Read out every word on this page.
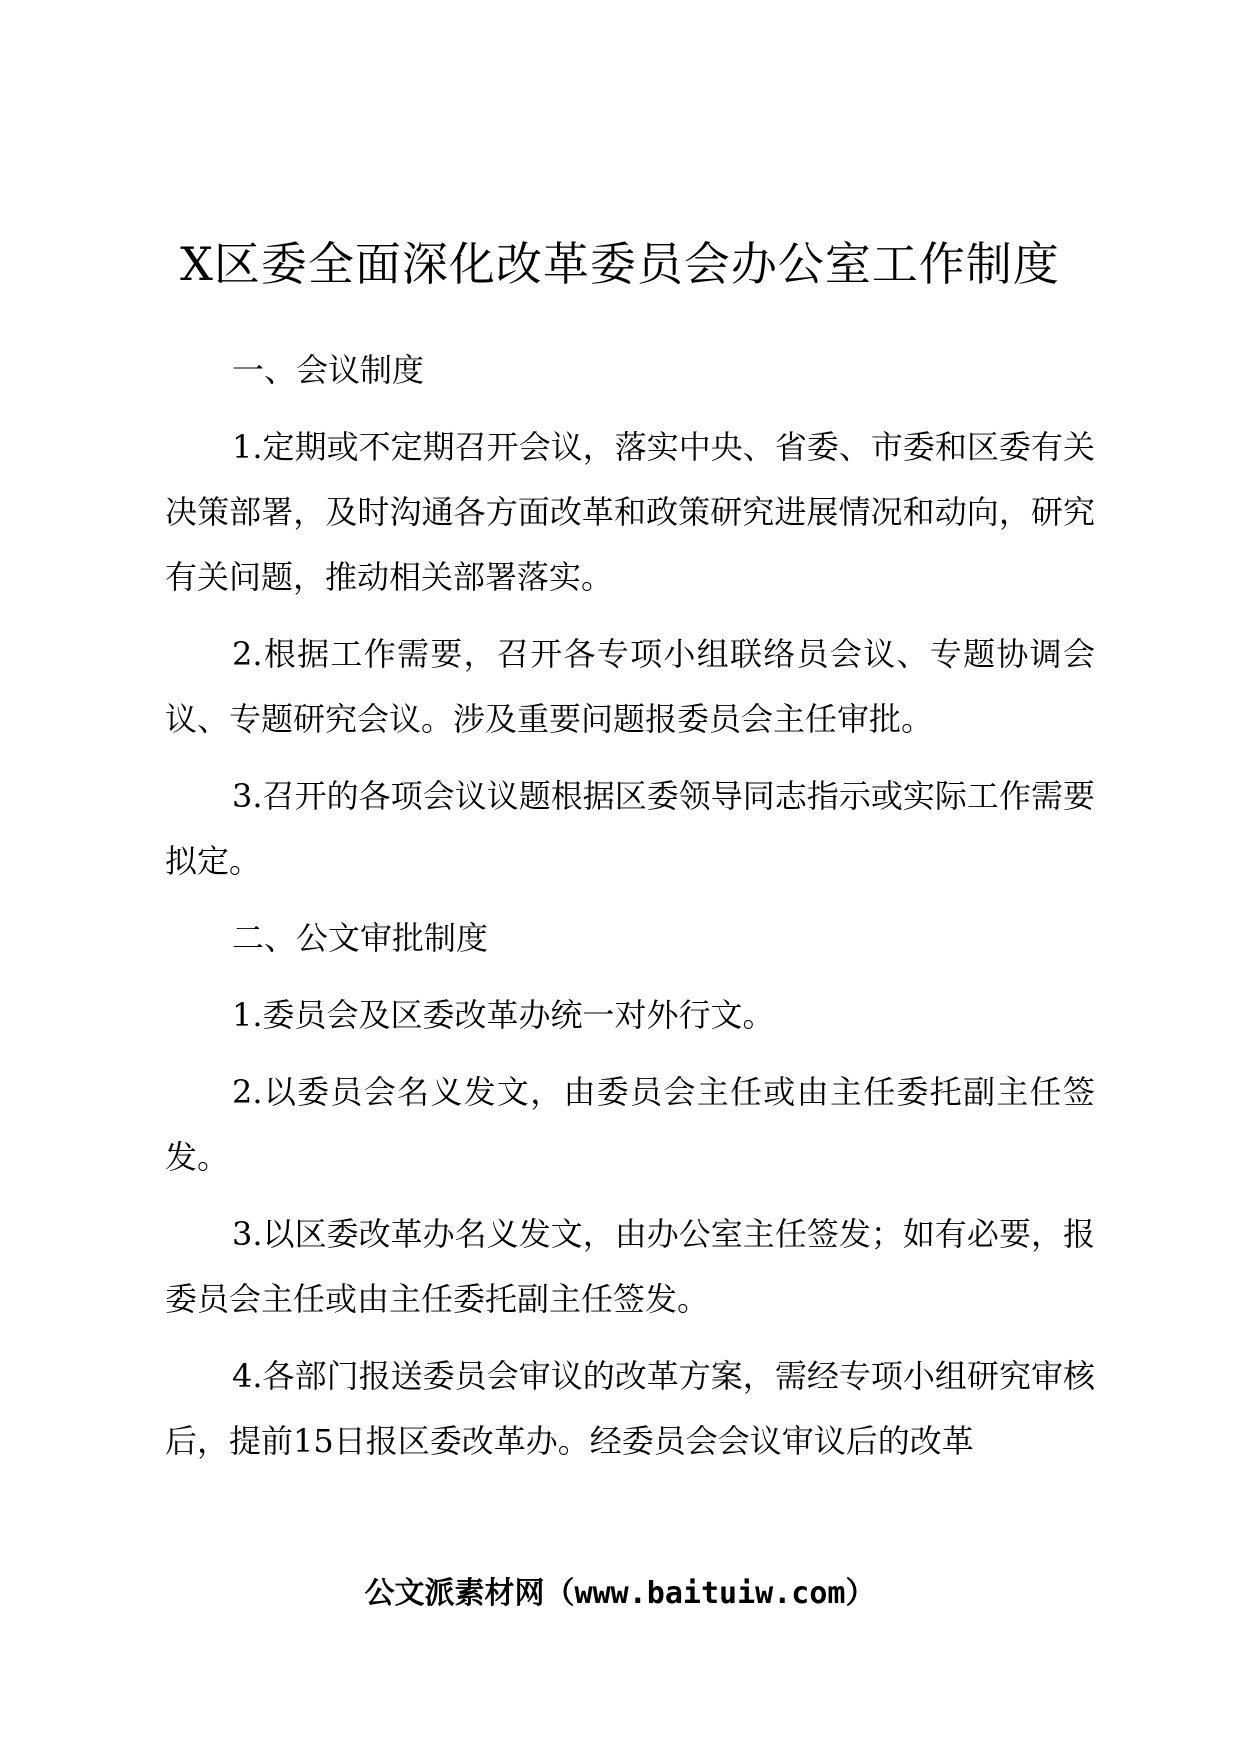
X区委全面深化改革委员会办公室工作制度

一、会议制度

1.定期或不定期召开会议，落实中央、省委、市委和区委有关决策部署，及时沟通各方面改革和政策研究进展情况和动向，研究有关问题，推动相关部署落实。

2.根据工作需要，召开各专项小组联络员会议、专题协调会议、专题研究会议。涉及重要问题报委员会主任审批。

3.召开的各项会议议题根据区委领导同志指示或实际工作需要拟定。

二、公文审批制度

1.委员会及区委改革办统一对外行文。

2.以委员会名义发文，由委员会主任或由主任委托副主任签发。

3.以区委改革办名义发文，由办公室主任签发；如有必要，报委员会主任或由主任委托副主任签发。

4.各部门报送委员会审议的改革方案，需经专项小组研究审核后，提前15日报区委改革办。经委员会会议审议后的改革

公文派素材网（www.baituiw.com）
